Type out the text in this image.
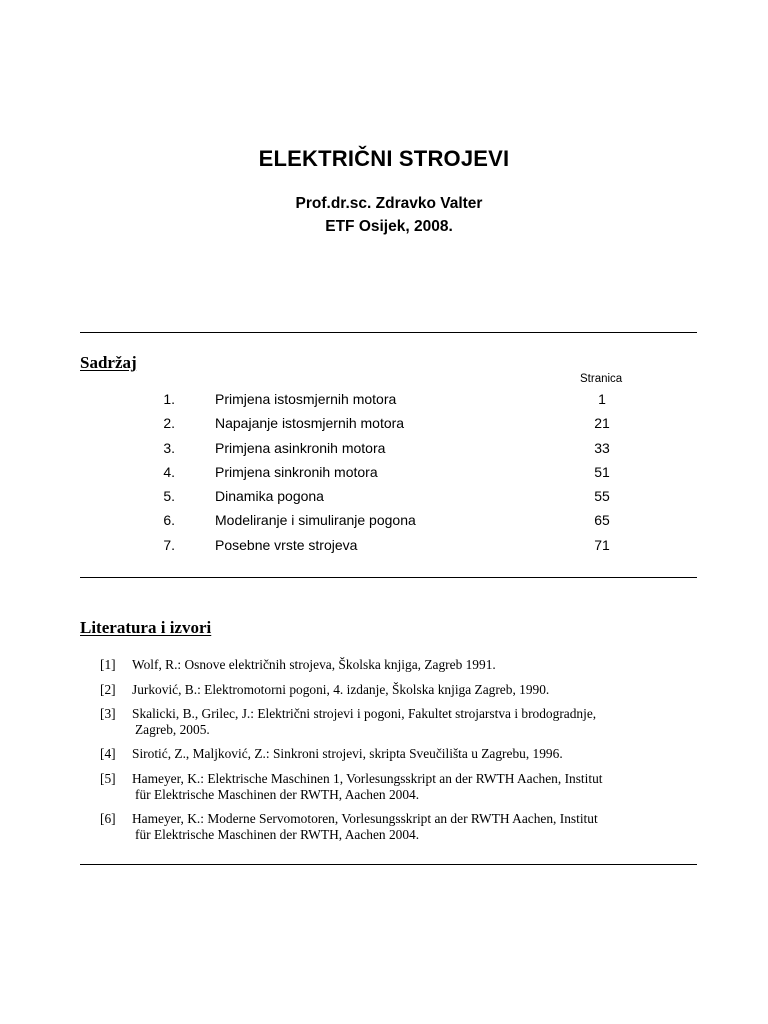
ELEKTRIČNI STROJEVI
Prof.dr.sc. Zdravko Valter
ETF Osijek, 2008.
Sadržaj
Stranica
1.	Primjena istosmjernih motora	1
2.	Napajanje istosmjernih motora	21
3.	Primjena asinkronih motora	33
4.	Primjena sinkronih motora	51
5.	Dinamika pogona	55
6.	Modeliranje i simuliranje pogona	65
7.	Posebne vrste strojeva	71
Literatura i izvori
[1] Wolf, R.: Osnove električnih strojeva, Školska knjiga, Zagreb 1991.
[2] Jurković, B.: Elektromotorni pogoni, 4. izdanje, Školska knjiga Zagreb, 1990.
[3] Skalicki, B., Grilec, J.: Električni strojevi i pogoni, Fakultet strojarstva i brodogradnje,
Zagreb, 2005.
[4] Sirotić, Z., Maljković, Z.: Sinkroni strojevi, skripta Sveučilišta u Zagrebu, 1996.
[5] Hameyer, K.: Elektrische Maschinen 1, Vorlesungsskript an der RWTH Aachen, Institut
für Elektrische Maschinen der RWTH, Aachen 2004.
[6] Hameyer, K.: Moderne Servomotoren, Vorlesungsskript an der RWTH Aachen, Institut
für Elektrische Maschinen der RWTH, Aachen 2004.
